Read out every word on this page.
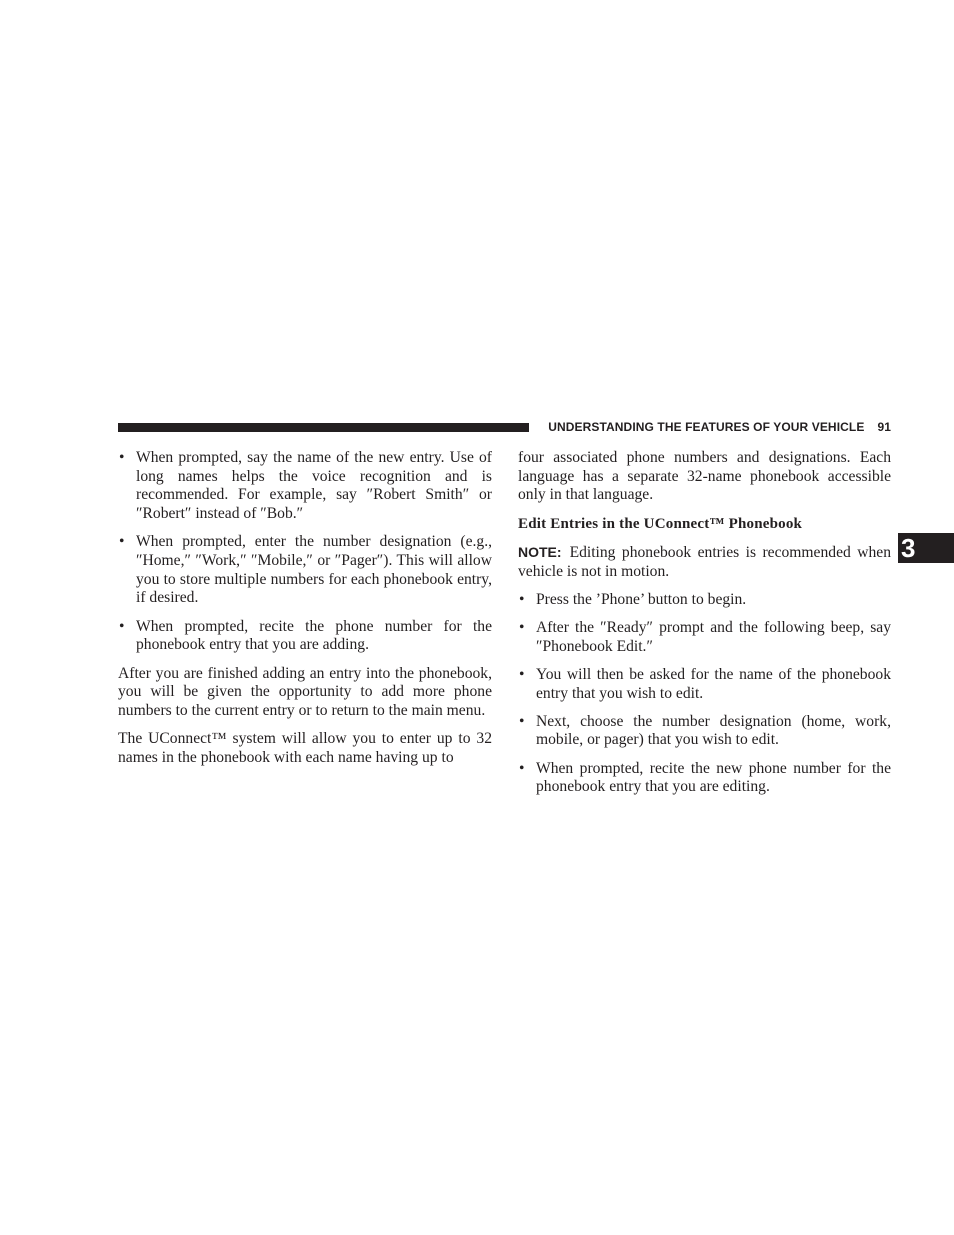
UNDERSTANDING THE FEATURES OF YOUR VEHICLE 91
3
• When prompted, say the name of the new entry. Use of long names helps the voice recognition and is recommended. For example, say ″Robert Smith″ or ″Robert″ instead of ″Bob.″
• When prompted, enter the number designation (e.g., ″Home,″ ″Work,″ ″Mobile,″ or ″Pager″). This will allow you to store multiple numbers for each phonebook entry, if desired.
• When prompted, recite the phone number for the phonebook entry that you are adding.

After you are finished adding an entry into the phonebook, you will be given the opportunity to add more phone numbers to the current entry or to return to the main menu.

The UConnect™ system will allow you to enter up to 32 names in the phonebook with each name having up to

four associated phone numbers and designations. Each language has a separate 32-name phonebook accessible only in that language.

Edit Entries in the UConnect™ Phonebook

NOTE: Editing phonebook entries is recommended when vehicle is not in motion.

• Press the ’Phone’ button to begin.
• After the ″Ready″ prompt and the following beep, say ″Phonebook Edit.″
• You will then be asked for the name of the phonebook entry that you wish to edit.
• Next, choose the number designation (home, work, mobile, or pager) that you wish to edit.
• When prompted, recite the new phone number for the phonebook entry that you are editing.
